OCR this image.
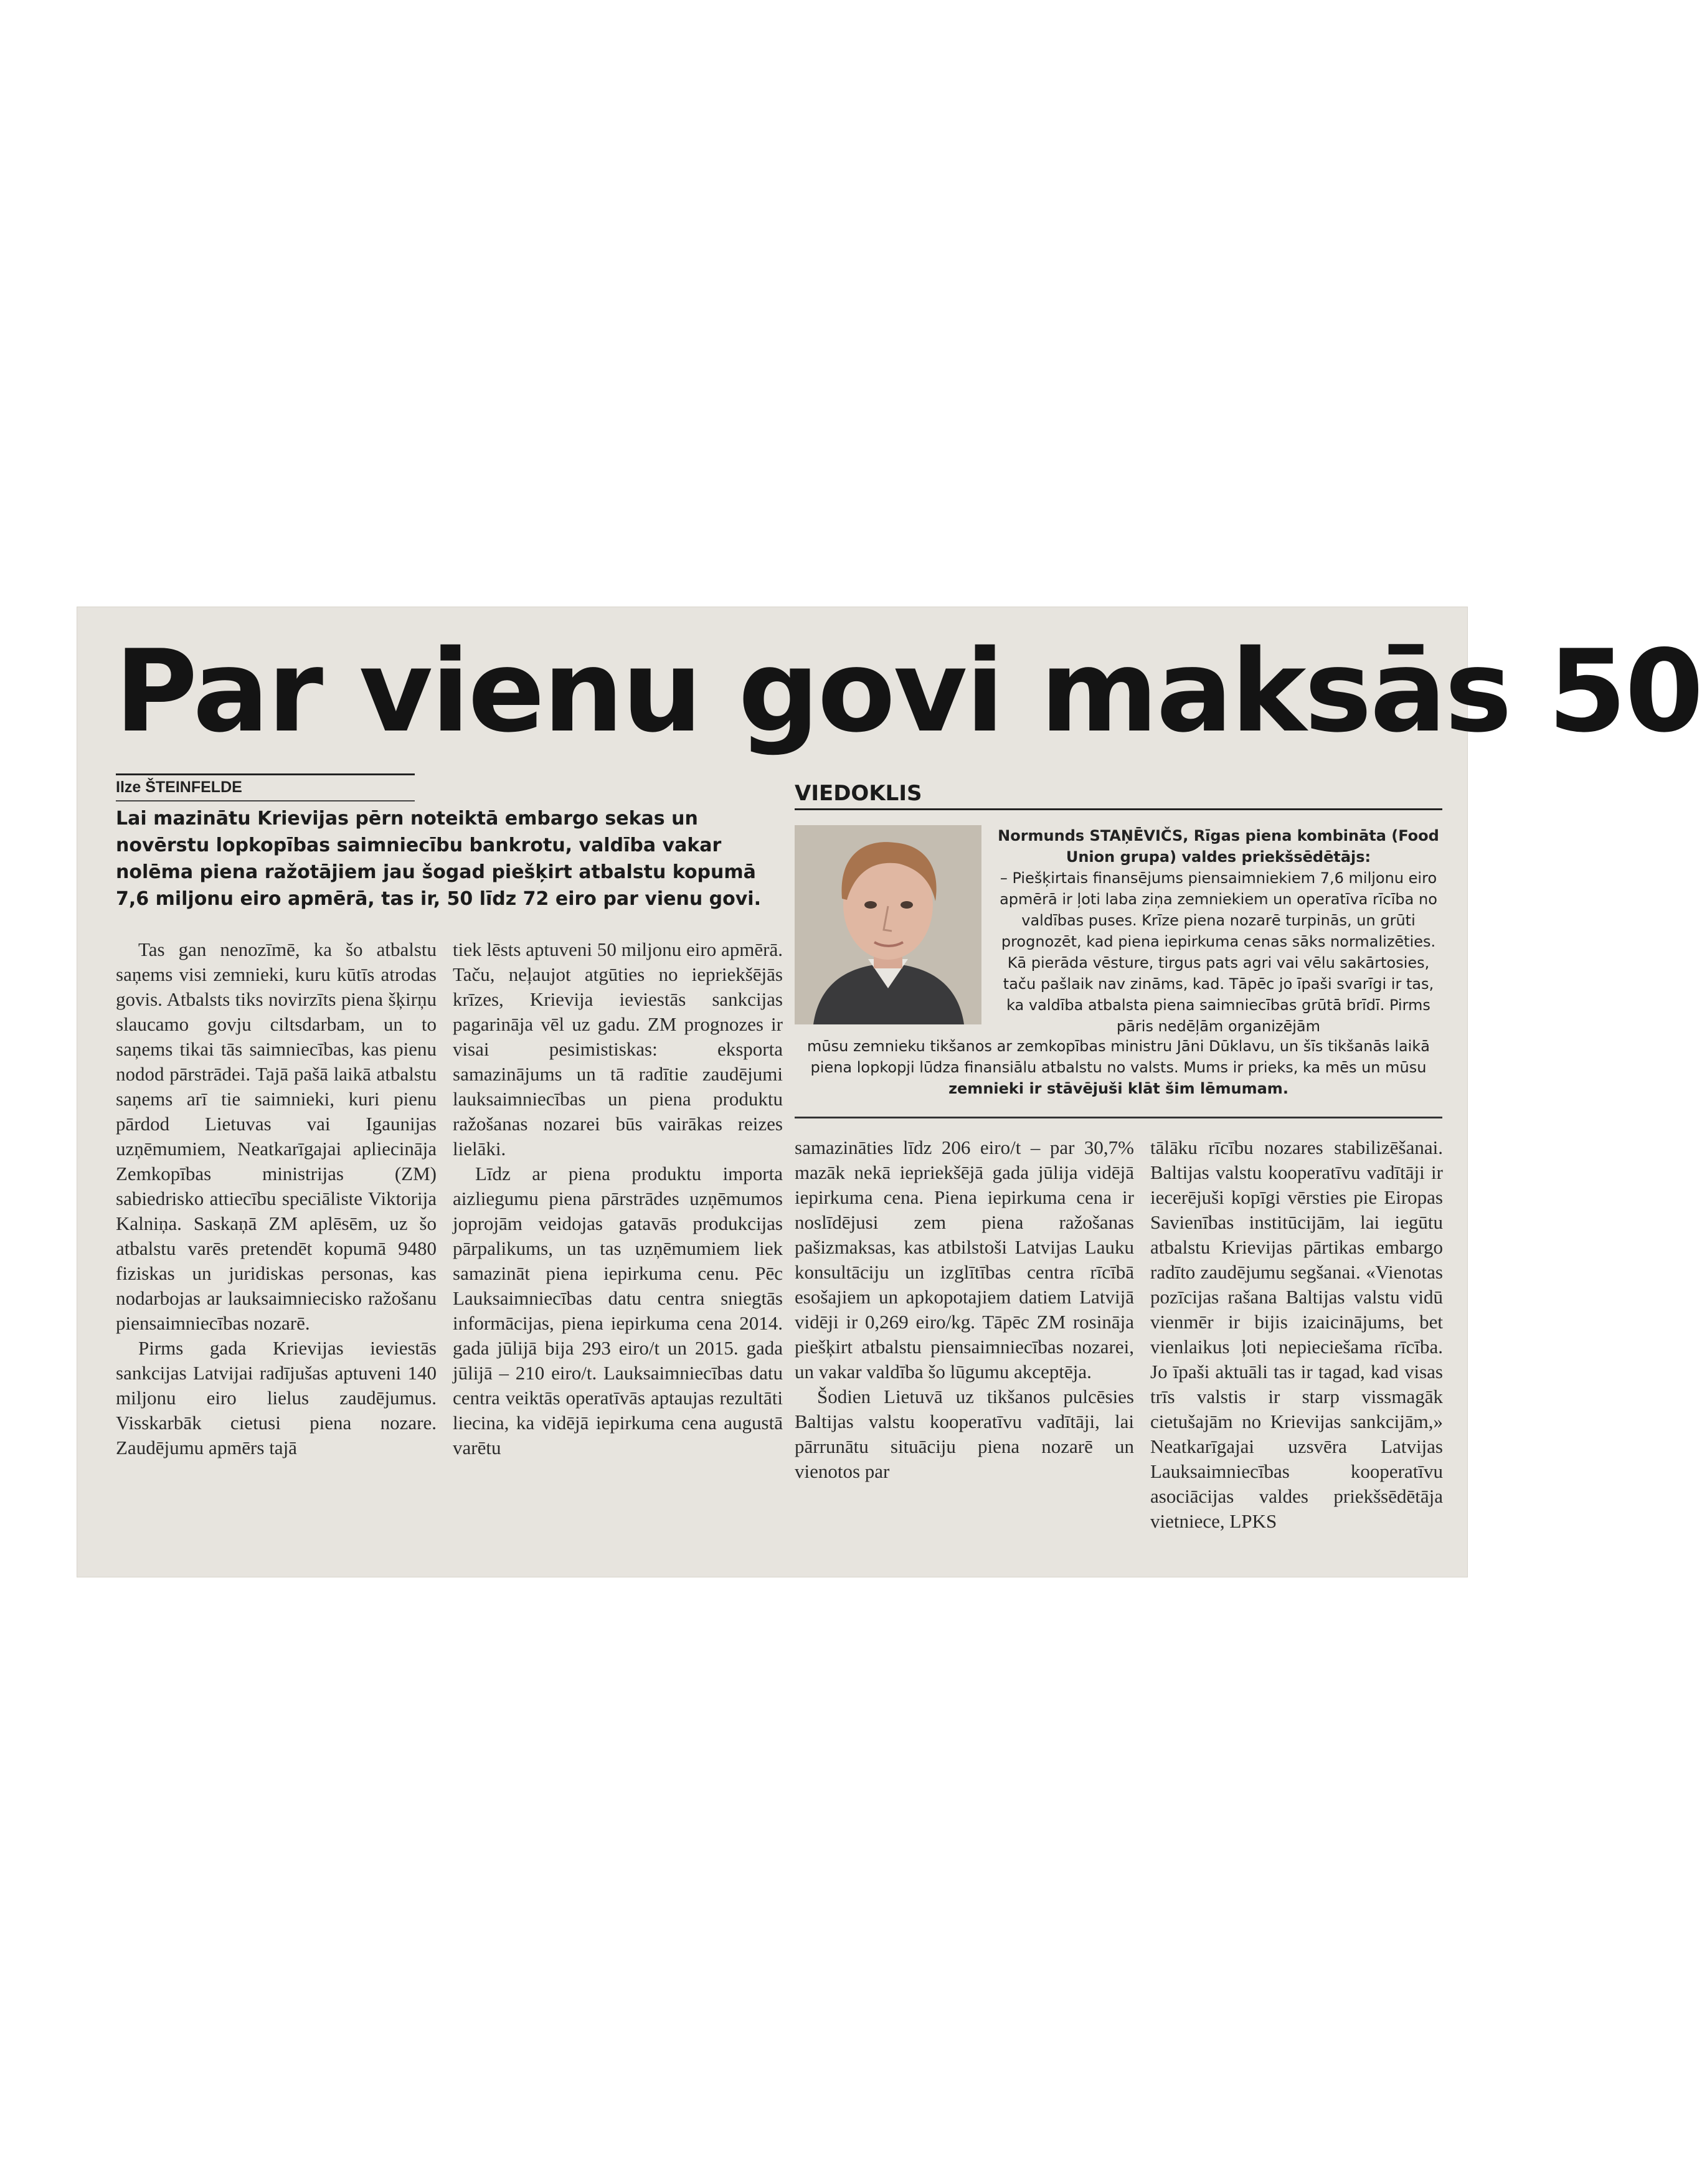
Par vienu govi maksās 50
Ilze ŠTEINFELDE
Lai mazinātu Krievijas pērn noteiktā embargo sekas un novērstu lopkopības saimniecību bankrotu, valdība vakar nolēma piena ražotājiem jau šogad piešķirt atbalstu kopumā 7,6 miljonu eiro apmērā, tas ir, 50 līdz 72 eiro par vienu govi.

Tas gan nenozīmē, ka šo atbalstu saņems visi zemnieki, kuru kūtīs atrodas govis. Atbalsts tiks novirzīts piena šķirņu slaucamo govju ciltsdarbam, un to saņems tikai tās saimniecības, kas pienu nodod pārstrādei. Tajā pašā laikā atbalstu saņems arī tie saimnieki, kuri pienu pārdod Lietuvas vai Igaunijas uzņēmumiem, Neatkarīgajai apliecināja Zemkopības ministrijas (ZM) sabiedrisko attiecību speciāliste Viktorija Kalniņa. Saskaņā ZM aplēsēm, uz šo atbalstu varēs pretendēt kopumā 9480 fiziskas un juridiskas personas, kas nodarbojas ar lauksaimniecisko ražošanu piensaimniecības nozarē.

Pirms gada Krievijas ieviestās sankcijas Latvijai radījušas aptuveni 140 miljonu eiro lielus zaudējumus. Visskarbāk cietusi piena nozare. Zaudējumu apmērs tajā

tiek lēsts aptuveni 50 miljonu eiro apmērā. Taču, neļaujot atgūties no iepriekšējās krīzes, Krievija ieviestās sankcijas pagarināja vēl uz gadu. ZM prognozes ir visai pesimistiskas: eksporta samazinājums un tā radītie zaudējumi lauksaimniecības un piena produktu ražošanas nozarei būs vairākas reizes lielāki.

Līdz ar piena produktu importa aizliegumu piena pārstrādes uzņēmumos joprojām veidojas gatavās produkcijas pārpalikums, un tas uzņēmumiem liek samazināt piena iepirkuma cenu. Pēc Lauksaimniecības datu centra sniegtās informācijas, piena iepirkuma cena 2014. gada jūlijā bija 293 eiro/t un 2015. gada jūlijā – 210 eiro/t. Lauksaimniecības datu centra veiktās operatīvās aptaujas rezultāti liecina, ka vidējā iepirkuma cena augustā varētu

VIEDOKLIS
Normunds STAŅĒVIČS, Rīgas piena kombināta (Food Union grupa) valdes priekšsēdētājs:
– Piešķirtais finansējums piensaimniekiem 7,6 miljonu eiro apmērā ir ļoti laba ziņa zemniekiem un operatīva rīcība no valdības puses. Krīze piena nozarē turpinās, un grūti prognozēt, kad piena iepirkuma cenas sāks normalizēties. Kā pierāda vēsture, tirgus pats agri vai vēlu sakārtosies, taču pašlaik nav zināms, kad. Tāpēc jo īpaši svarīgi ir tas, ka valdība atbalsta piena saimniecības grūtā brīdī. Pirms pāris nedēļām organizējām
mūsu zemnieku tikšanos ar zemkopības ministru Jāni Dūklavu, un šīs tikšanās laikā piena lopkopji lūdza finansiālu atbalstu no valsts. Mums ir prieks, ka mēs un mūsu
zemnieki ir stāvējuši klāt šim lēmumam.

samazināties līdz 206 eiro/t – par 30,7% mazāk nekā iepriekšējā gada jūlija vidējā iepirkuma cena. Piena iepirkuma cena ir noslīdējusi zem piena ražošanas pašizmaksas, kas atbilstoši Latvijas Lauku konsultāciju un izglītības centra rīcībā esošajiem un apkopotajiem datiem Latvijā vidēji ir 0,269 eiro/kg. Tāpēc ZM rosināja piešķirt atbalstu piensaimniecības nozarei, un vakar valdība šo lūgumu akceptēja.

Šodien Lietuvā uz tikšanos pulcēsies Baltijas valstu kooperatīvu vadītāji, lai pārrunātu situāciju piena nozarē un vienotos par

tālāku rīcību nozares stabilizēšanai. Baltijas valstu kooperatīvu vadītāji ir iecerējuši kopīgi vērsties pie Eiropas Savienības institūcijām, lai iegūtu atbalstu Krievijas pārtikas embargo radīto zaudējumu segšanai. «Vienotas pozīcijas rašana Baltijas valstu vidū vienmēr ir bijis izaicinājums, bet vienlaikus ļoti nepieciešama rīcība. Jo īpaši aktuāli tas ir tagad, kad visas trīs valstis ir starp vissmagāk cietušajām no Krievijas sankcijām,» Neatkarīgajai uzsvēra Latvijas Lauksaimniecības kooperatīvu asociācijas valdes priekšsēdētāja vietniece, LPKS
